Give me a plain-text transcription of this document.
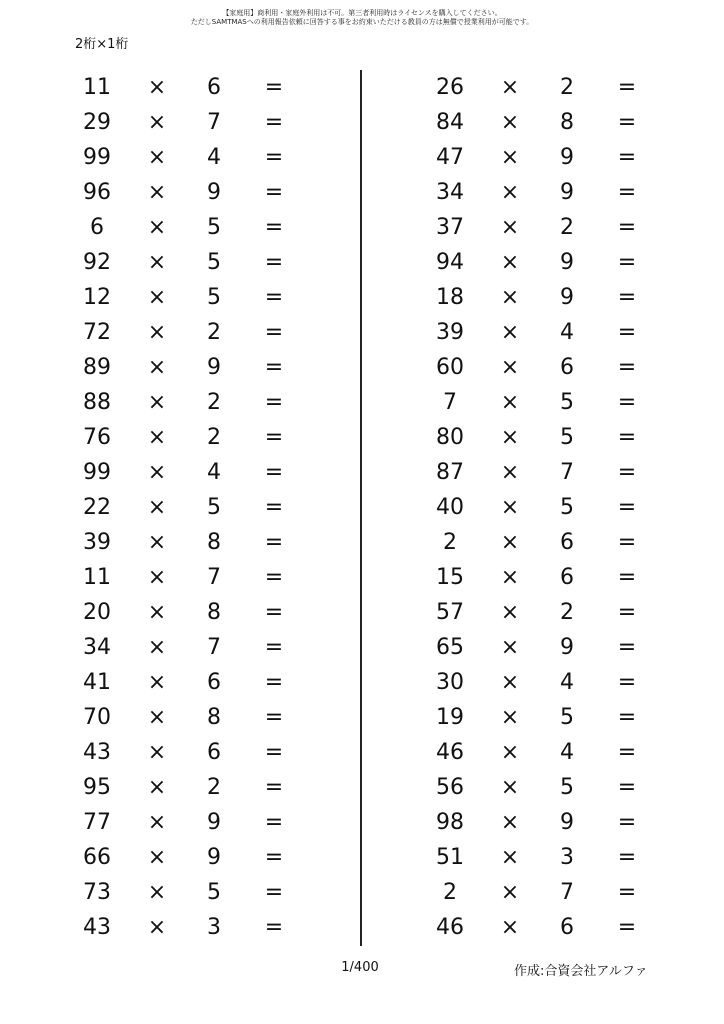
【家庭用】商利用・家庭外利用は不可。第三者利用時はライセンスを購入してください。
ただしSAMTMASへの利用報告依頼に回答する事をお約束いただける教員の方は無償で授業利用が可能です。
2桁×1桁
11	×	6	=
29	×	7	=
99	×	4	=
96	×	9	=
6	×	5	=
92	×	5	=
12	×	5	=
72	×	2	=
89	×	9	=
88	×	2	=
76	×	2	=
99	×	4	=
22	×	5	=
39	×	8	=
11	×	7	=
20	×	8	=
34	×	7	=
41	×	6	=
70	×	8	=
43	×	6	=
95	×	2	=
77	×	9	=
66	×	9	=
73	×	5	=
43	×	3	=
26	×	2	=
84	×	8	=
47	×	9	=
34	×	9	=
37	×	2	=
94	×	9	=
18	×	9	=
39	×	4	=
60	×	6	=
7	×	5	=
80	×	5	=
87	×	7	=
40	×	5	=
2	×	6	=
15	×	6	=
57	×	2	=
65	×	9	=
30	×	4	=
19	×	5	=
46	×	4	=
56	×	5	=
98	×	9	=
51	×	3	=
2	×	7	=
46	×	6	=
1/400	作成:合資会社アルファ
